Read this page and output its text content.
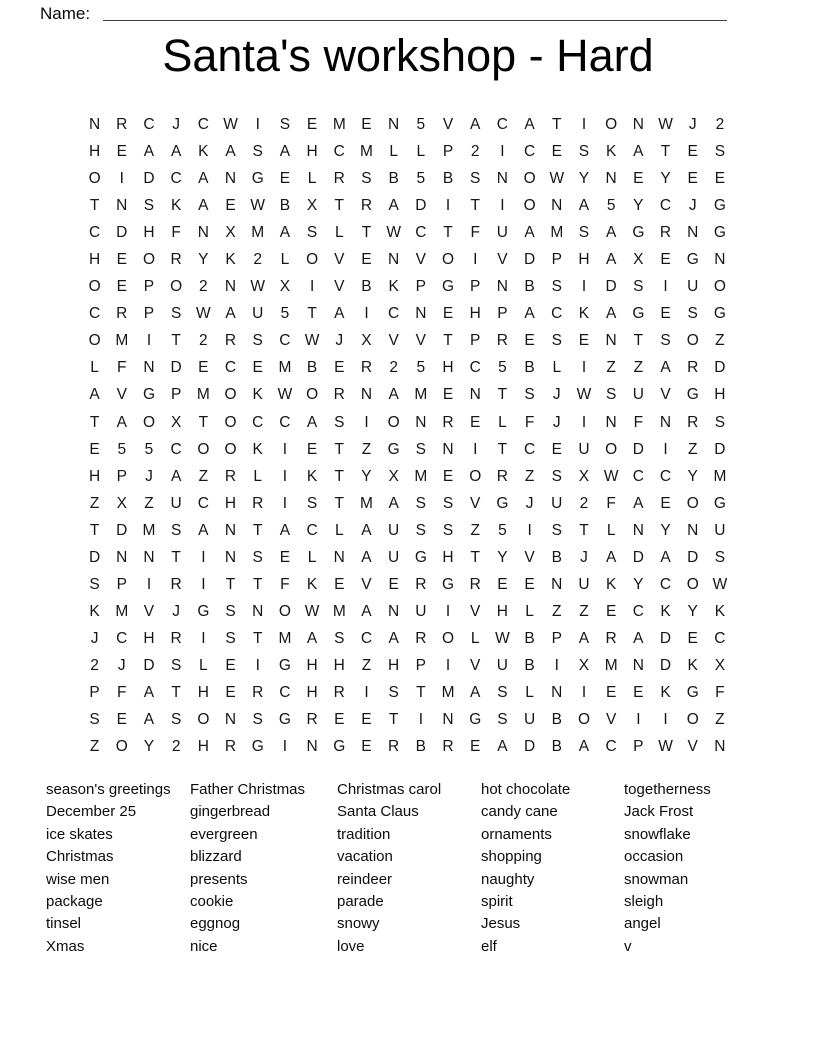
Name:
Santa's workshop - Hard
N R C J C W I S E M E N 5 V A C A T I O N W J 2
H E A A K A S A H C M L L P 2 I C E S K A T E S
O I D C A N G E L R S B 5 B S N O W Y N E Y E E
T N S K A E W B X T R A D I T I O N A 5 Y C J G
C D H F N X M A S L T W C T F U A M S A G R N G
H E O R Y K 2 L O V E N V O I V D P H A X E G N
O E P O 2 N W X I V B K P G P N B S I D S I U O
C R P S W A U 5 T A I C N E H P A C K A G E S G
O M I T 2 R S C W J X V V T P R E S E N T S O Z
L F N D E C E M B E R 2 5 H C 5 B L I Z Z A R D
A V G P M O K W O R N A M E N T S J W S U V G H
T A O X T O C C A S I O N R E L F J I N F N R S
E 5 5 C O O K I E T Z G S N I T C E U O D I Z D
H P J A Z R L I K T Y X M E O R Z S X W C C Y M
Z X Z U C H R I S T M A S S V G J U 2 F A E O G
T D M S A N T A C L A U S S Z 5 I S T L N Y N U
D N N T I N S E L N A U G H T Y V B J A D A D S
S P I R I T T F K E V E R G R E E N U K Y C O W
K M V J G S N O W M A N U I V H L Z Z E C K Y K
J C H R I S T M A S C A R O L W B P A R A D E C
2 J D S L E I G H H Z H P I V U B I X M N D K X
P F A T H E R C H R I S T M A S L N I E E K G F
S E A S O N S G R E E T I N G S U B O V I I O Z
Z O Y 2 H R G I N G E R B R E A D B A C P W V N
season's greetings
December 25
ice skates
Christmas
wise men
package
tinsel
Xmas
Father Christmas
gingerbread
evergreen
blizzard
presents
cookie
eggnog
nice
Christmas carol
Santa Claus
tradition
vacation
reindeer
parade
snowy
love
hot chocolate
candy cane
ornaments
shopping
naughty
spirit
Jesus
elf
togetherness
Jack Frost
snowflake
occasion
snowman
sleigh
angel
v
